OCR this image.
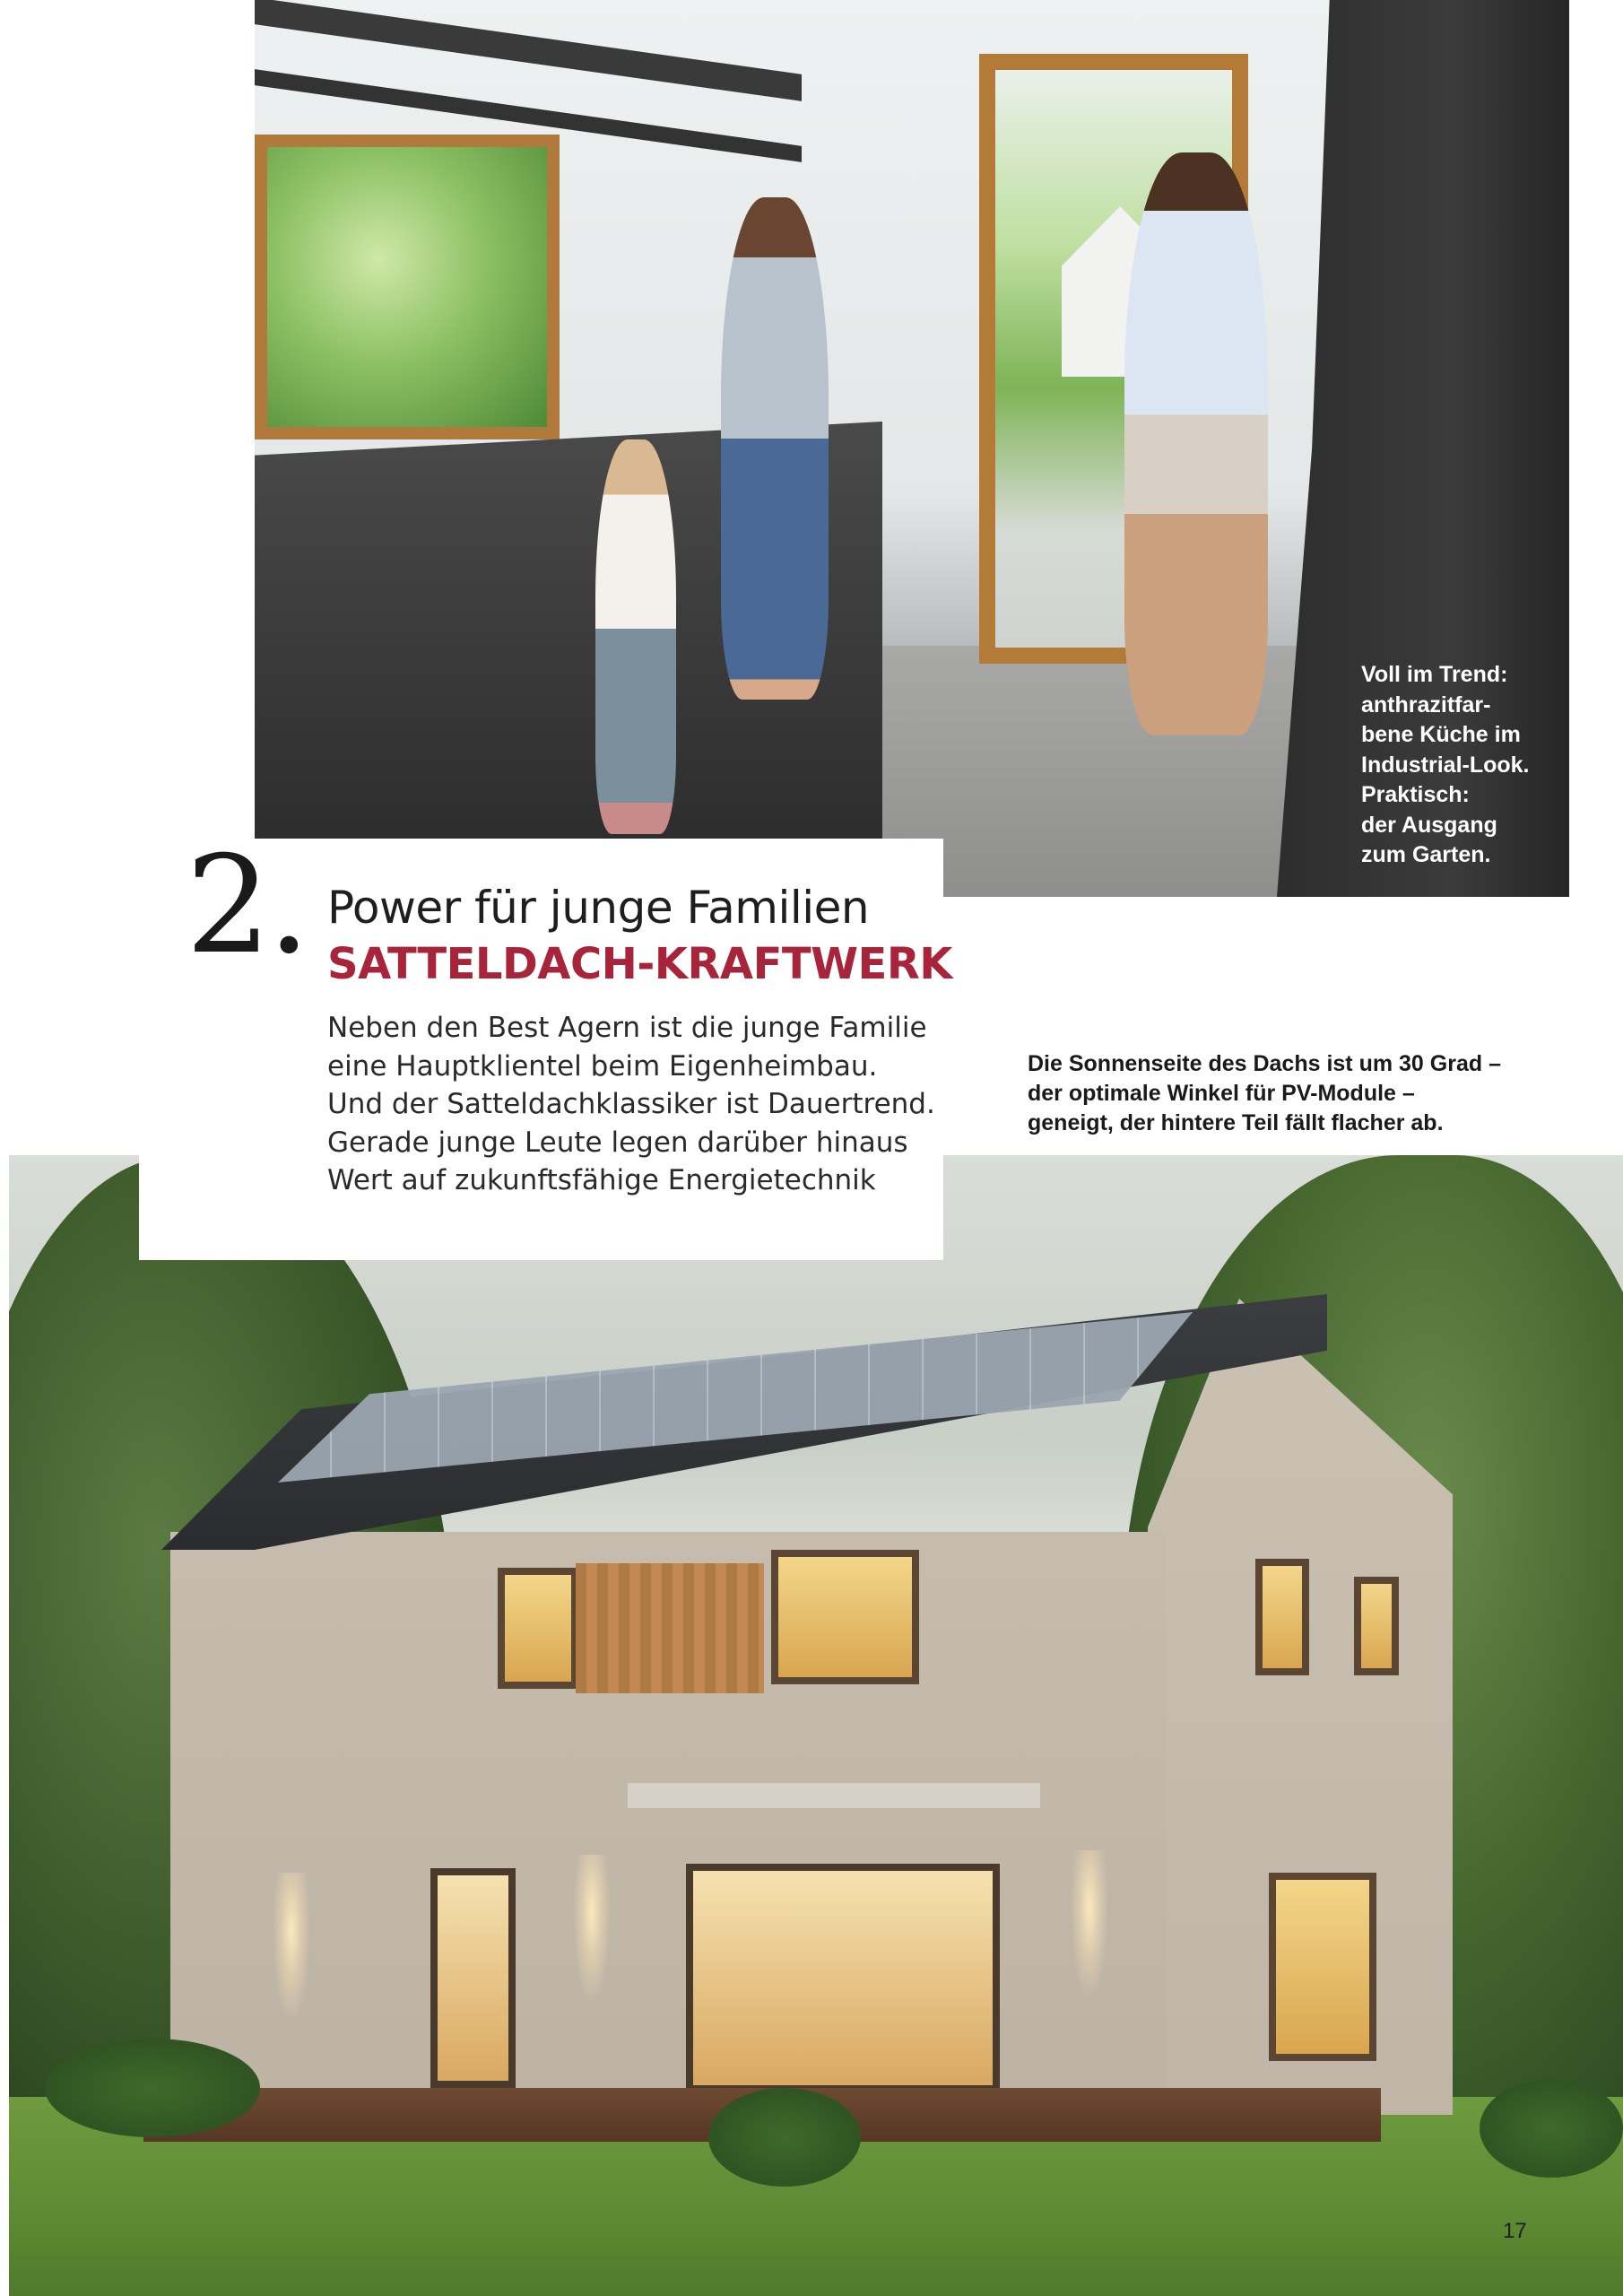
Voll im Trend:
anthrazitfar-
bene Küche im
Industrial-Look.
Praktisch:
der Ausgang
zum Garten.
2. Power für junge Familien
SATTELDACH-KRAFTWERK
Neben den Best Agern ist die junge Familie
eine Hauptklientel beim Eigenheimbau.
Und der Satteldachklassiker ist Dauertrend.
Gerade junge Leute legen darüber hinaus
Wert auf zukunftsfähige Energietechnik
Die Sonnenseite des Dachs ist um 30 Grad –
der optimale Winkel für PV-Module –
geneigt, der hintere Teil fällt flacher ab.
17
